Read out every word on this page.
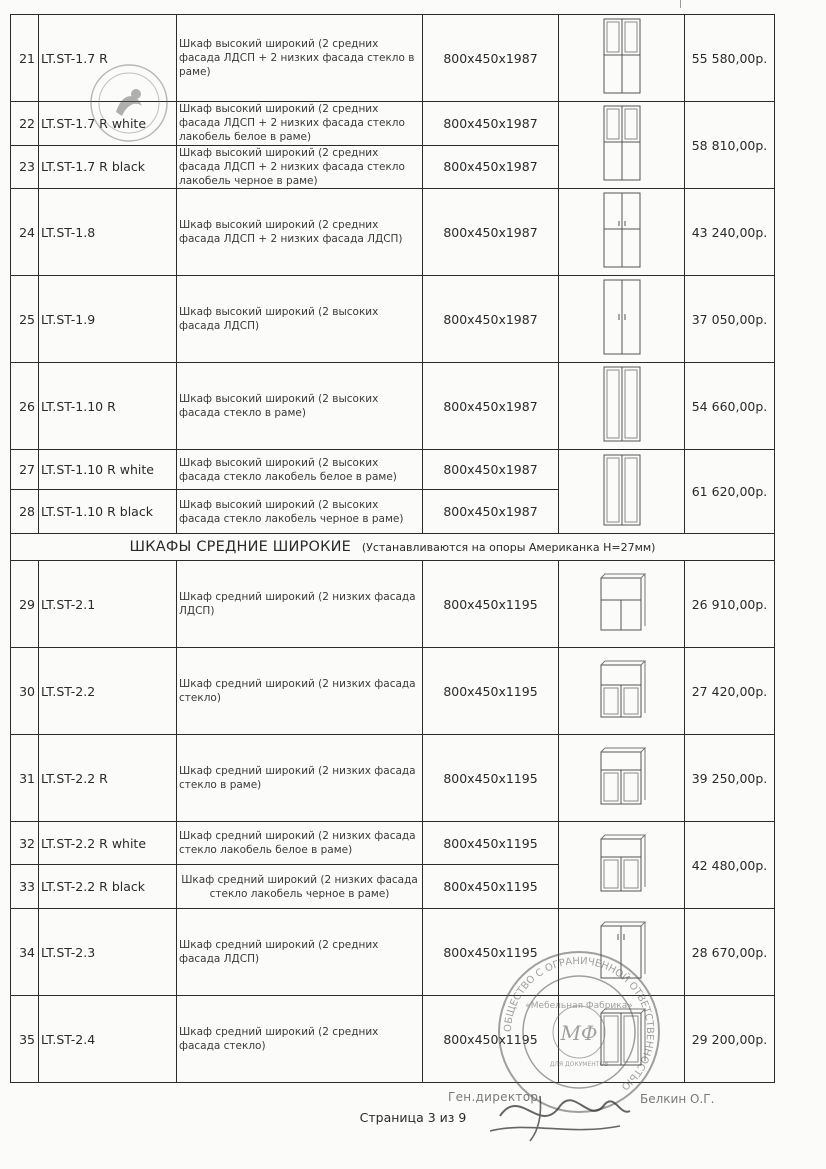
21	LT.ST-1.7 R	Шкаф высокий широкий (2 средних фасада ЛДСП + 2 низких фасада стекло в раме)	800x450x1987		55 580,00р.
22	LT.ST-1.7 R white	Шкаф высокий широкий (2 средних фасада ЛДСП + 2 низких фасада стекло лакобель белое в раме)	800x450x1987		58 810,00р.
23	LT.ST-1.7 R black	Шкаф высокий широкий (2 средних фасада ЛДСП + 2 низких фасада стекло лакобель черное в раме)	800x450x1987		
24	LT.ST-1.8	Шкаф высокий широкий (2 средних фасада ЛДСП + 2 низких фасада ЛДСП)	800x450x1987		43 240,00р.
25	LT.ST-1.9	Шкаф высокий широкий (2 высоких фасада ЛДСП)	800x450x1987		37 050,00р.
26	LT.ST-1.10 R	Шкаф высокий широкий (2 высоких фасада стекло в раме)	800x450x1987		54 660,00р.
27	LT.ST-1.10 R white	Шкаф высокий широкий (2 высоких фасада стекло лакобель белое в раме)	800x450x1987		61 620,00р.
28	LT.ST-1.10 R black	Шкаф высокий широкий (2 высоких фасада стекло лакобель черное в раме)	800x450x1987		
ШКАФЫ СРЕДНИЕ ШИРОКИЕ (Устанавливаются на опоры Американка H=27мм)					
29	LT.ST-2.1	Шкаф средний широкий (2 низких фасада ЛДСП)	800x450x1195		26 910,00р.
30	LT.ST-2.2	Шкаф средний широкий (2 низких фасада стекло)	800x450x1195		27 420,00р.
31	LT.ST-2.2 R	Шкаф средний широкий (2 низких фасада стекло в раме)	800x450x1195		39 250,00р.
32	LT.ST-2.2 R white	Шкаф средний широкий (2 низких фасада стекло лакобель белое в раме)	800x450x1195		42 480,00р.
33	LT.ST-2.2 R black	Шкаф средний широкий (2 низких фасада стекло лакобель черное в раме)	800x450x1195		
34	LT.ST-2.3	Шкаф средний широкий (2 средних фасада ЛДСП)	800x450x1195		28 670,00р.
35	LT.ST-2.4	Шкаф средний широкий (2 средних фасада стекло)	800x450x1195		29 200,00р.
Ген.директор	Белкин О.Г.
ОБЩЕСТВО С ОГРАНИЧЕННОЙ ОТВЕТСТВЕННОСТЬЮ
«Мебельная Фабрика»
МФ
ДЛЯ ДОКУМЕНТОВ
Страница 3 из 9
